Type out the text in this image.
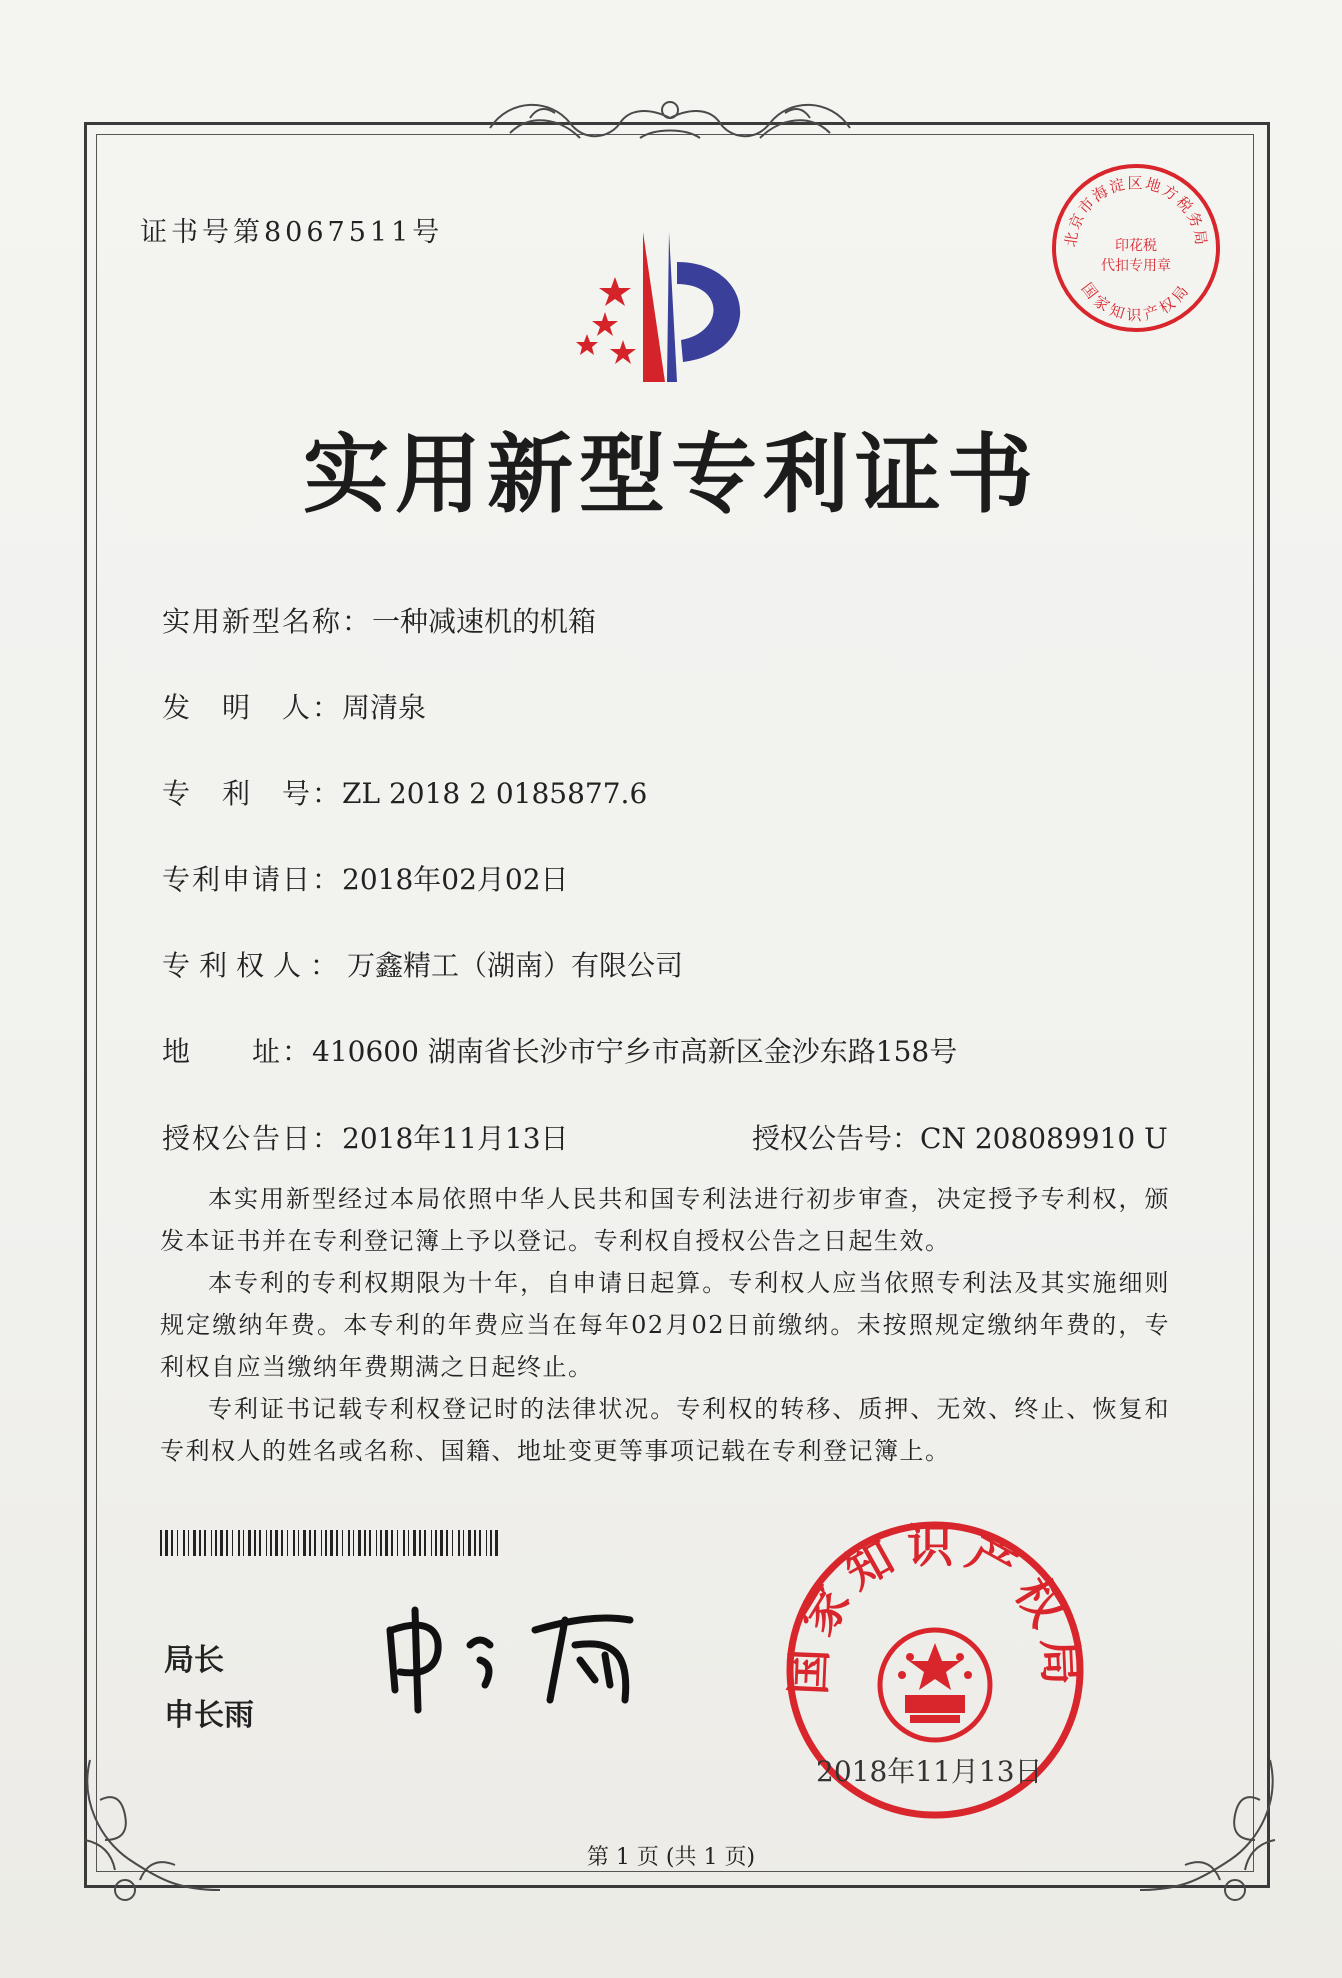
证书号第8067511号	北京市海淀区地方税务局
印花税
代扣专用章
国家知识产权局
实用新型专利证书
实用新型名称：一种减速机的机箱
发　明　人：周清泉
专　利　号：ZL 2018 2 0185877.6
专利申请日：2018年02月02日
专利权人：万鑫精工（湖南）有限公司
地　　址：410600 湖南省长沙市宁乡市高新区金沙东路158号
授权公告日：2018年11月13日	授权公告号：CN 208089910 U
本实用新型经过本局依照中华人民共和国专利法进行初步审查，决定授予专利权，颁发本证书并在专利登记簿上予以登记。专利权自授权公告之日起生效。
本专利的专利权期限为十年，自申请日起算。专利权人应当依照专利法及其实施细则规定缴纳年费。本专利的年费应当在每年02月02日前缴纳。未按照规定缴纳年费的，专利权自应当缴纳年费期满之日起终止。
专利证书记载专利权登记时的法律状况。专利权的转移、质押、无效、终止、恢复和专利权人的姓名或名称、国籍、地址变更等事项记载在专利登记簿上。
局长
申长雨
国家知识产权局
2018年11月13日
第 1 页 (共 1 页)
